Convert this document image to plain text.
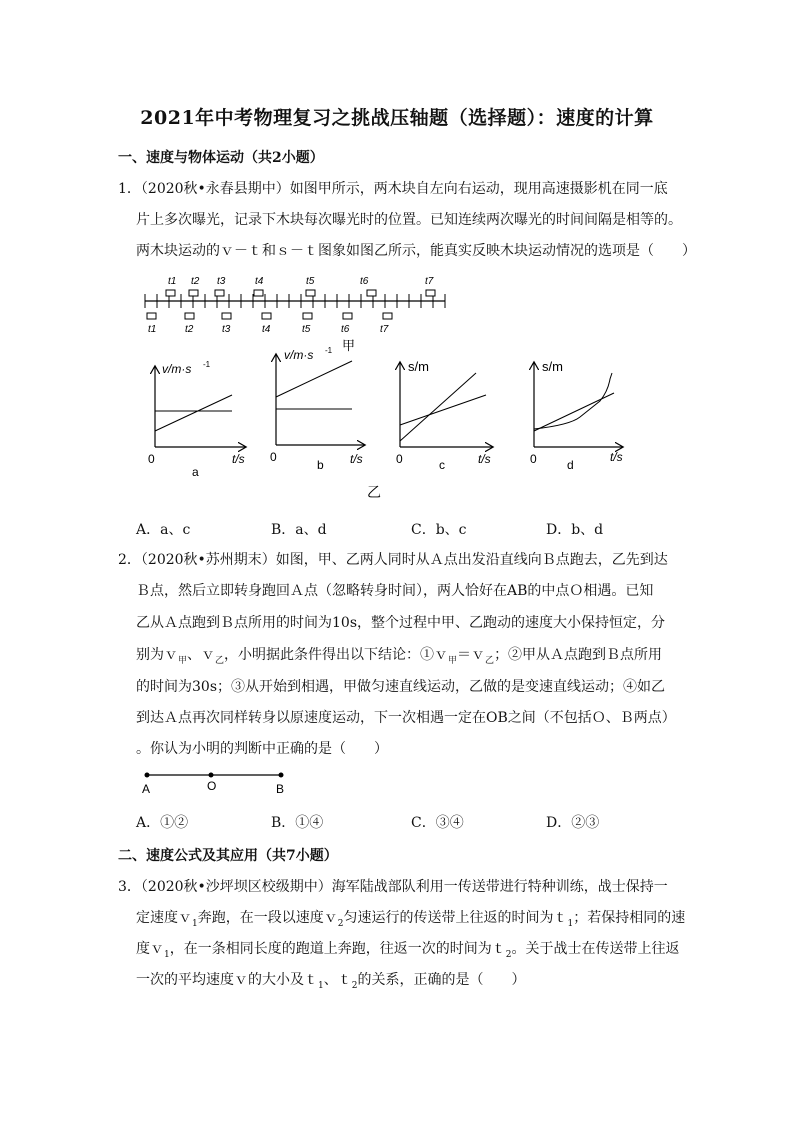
2021年中考物理复习之挑战压轴题（选择题）：速度的计算
一、速度与物体运动（共2小题）
1．（2020秋•永春县期中）如图甲所示，两木块自左向右运动，现用高速摄影机在同一底
片上多次曝光，记录下木块每次曝光时的位置。已知连续两次曝光的时间间隔是相等的。
两木块运动的ｖ－ｔ和ｓ－ｔ图象如图乙所示，能真实反映木块运动情况的选项是（　　）
t1 t2 t3	t4	t5	t6	t7
t1	t2	t3	t4	t5	t6	t7
甲
v/m·s -1
0	t/s
a
v/m·s -1
0	t/s
b
s/m
0	t/s
c
s/m
0	t/s
d
乙
A．a、c	B．a、d	C．b、c	D．b、d
2．（2020秋•苏州期末）如图，甲、乙两人同时从Ａ点出发沿直线向Ｂ点跑去，乙先到达
Ｂ点，然后立即转身跑回Ａ点（忽略转身时间），两人恰好在AB的中点Ｏ相遇。已知
乙从Ａ点跑到Ｂ点所用的时间为10s，整个过程中甲、乙跑动的速度大小保持恒定，分
别为ｖ$_甲$、ｖ$_乙$，小明据此条件得出以下结论：①ｖ$_甲$＝ｖ$_乙$；②甲从Ａ点跑到Ｂ点所用
的时间为30s；③从开始到相遇，甲做匀速直线运动，乙做的是变速直线运动；④如乙
到达Ａ点再次同样转身以原速度运动，下一次相遇一定在OB之间（不包括Ｏ、Ｂ两点）
。你认为小明的判断中正确的是（　　）
A	O	B
A．①②	B．①④	C．③④	D．②③
二、速度公式及其应用（共7小题）
3．（2020秋•沙坪坝区校级期中）海军陆战部队利用一传送带进行特种训练，战士保持一
定速度ｖ$_1$奔跑，在一段以速度ｖ$_2$匀速运行的传送带上往返的时间为ｔ$_1$；若保持相同的速
度ｖ$_1$，在一条相同长度的跑道上奔跑，往返一次的时间为ｔ$_2$。关于战士在传送带上往返
一次的平均速度ｖ的大小及ｔ$_1$、ｔ$_2$的关系，正确的是（　　）
